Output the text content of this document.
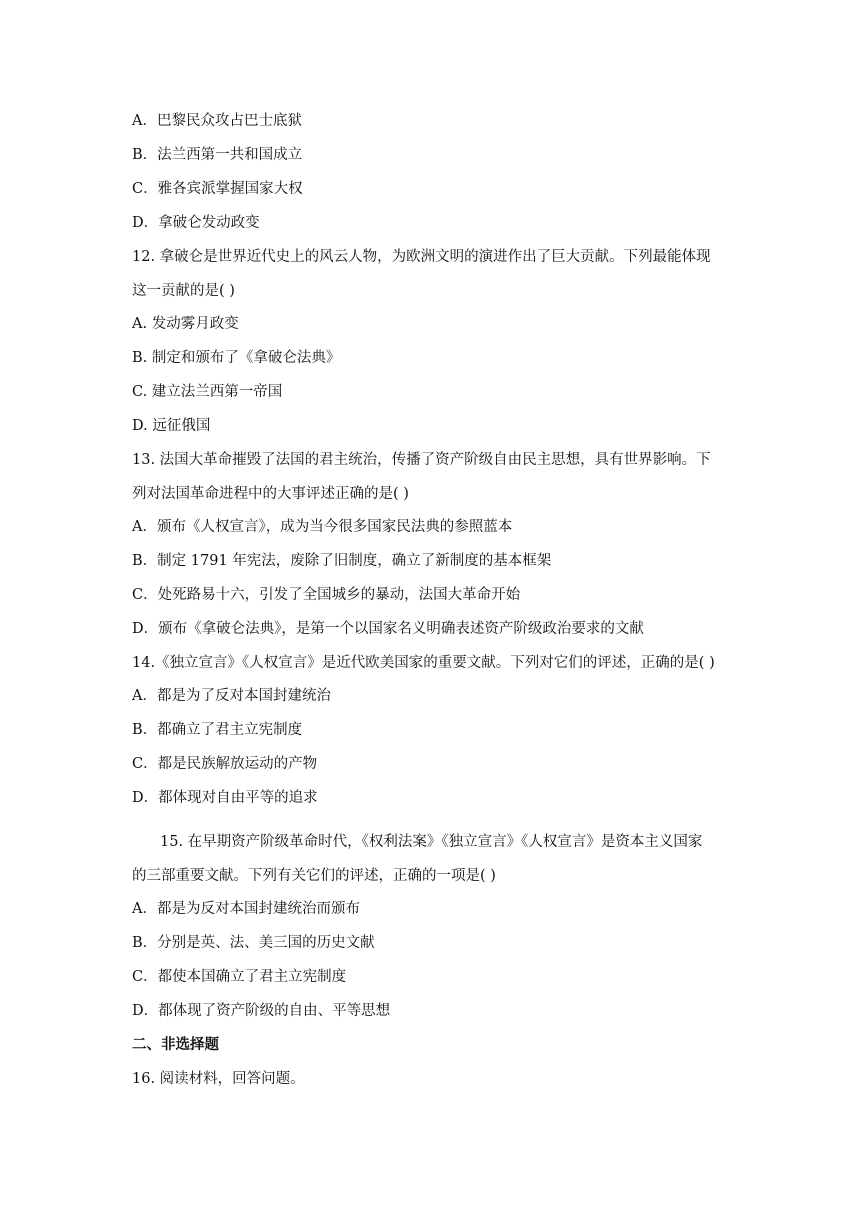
A．巴黎民众攻占巴士底狱
B．法兰西第一共和国成立
C．雅各宾派掌握国家大权
D．拿破仑发动政变
12. 拿破仑是世界近代史上的风云人物，为欧洲文明的演进作出了巨大贡献。下列最能体现
这一贡献的是( )
A. 发动雾月政变
B. 制定和颁布了《拿破仑法典》
C. 建立法兰西第一帝国
D. 远征俄国
13. 法国大革命摧毁了法国的君主统治，传播了资产阶级自由民主思想，具有世界影响。下
列对法国革命进程中的大事评述正确的是( )
A．颁布《人权宣言》，成为当今很多国家民法典的参照蓝本
B．制定 1791 年宪法，废除了旧制度，确立了新制度的基本框架
C．处死路易十六，引发了全国城乡的暴动，法国大革命开始
D．颁布《拿破仑法典》，是第一个以国家名义明确表述资产阶级政治要求的文献
14.《独立宣言》《人权宣言》是近代欧美国家的重要文献。下列对它们的评述，正确的是( )
A．都是为了反对本国封建统治
B．都确立了君主立宪制度
C．都是民族解放运动的产物
D．都体现对自由平等的追求
15. 在早期资产阶级革命时代，《权利法案》《独立宣言》《人权宣言》是资本主义国家
的三部重要文献。下列有关它们的评述，正确的一项是( )
A．都是为反对本国封建统治而颁布
B．分别是英、法、美三国的历史文献
C．都使本国确立了君主立宪制度
D．都体现了资产阶级的自由、平等思想
二、非选择题
16. 阅读材料，回答问题。
